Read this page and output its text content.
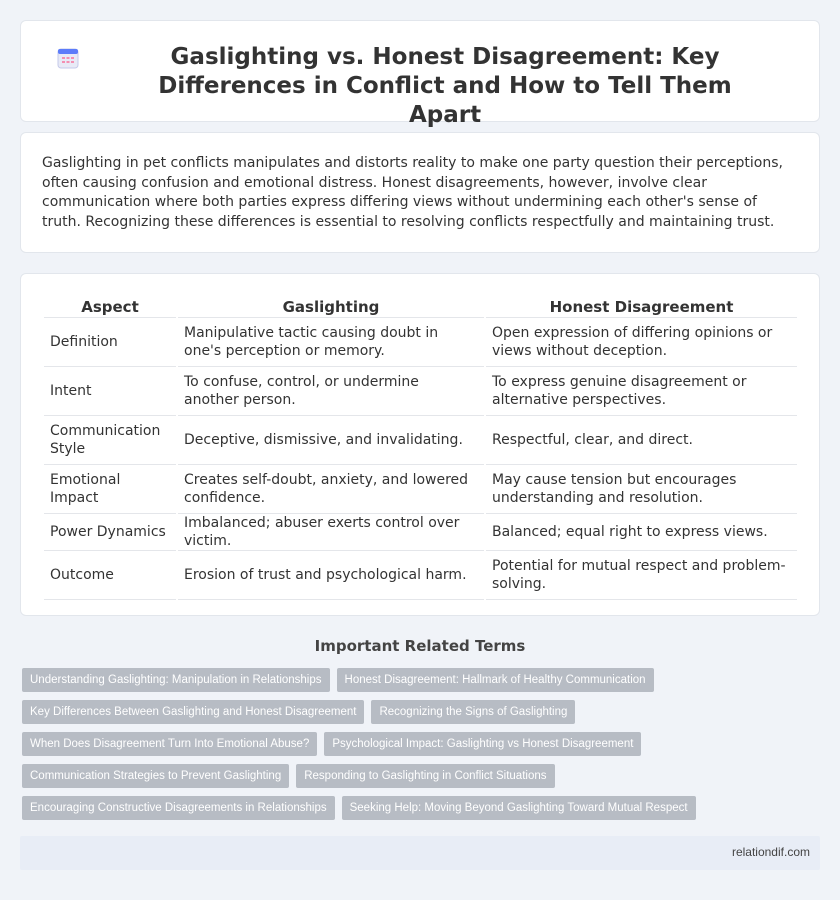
Gaslighting vs. Honest Disagreement: Key Differences in Conflict and How to Tell Them Apart

Gaslighting in pet conflicts manipulates and distorts reality to make one party question their perceptions, often causing confusion and emotional distress. Honest disagreements, however, involve clear communication where both parties express differing views without undermining each other's sense of truth. Recognizing these differences is essential to resolving conflicts respectfully and maintaining trust.

Aspect	Gaslighting	Honest Disagreement
Definition	Manipulative tactic causing doubt in one's perception or memory.	Open expression of differing opinions or views without deception.
Intent	To confuse, control, or undermine another person.	To express genuine disagreement or alternative perspectives.
Communication Style	Deceptive, dismissive, and invalidating.	Respectful, clear, and direct.
Emotional Impact	Creates self-doubt, anxiety, and lowered confidence.	May cause tension but encourages understanding and resolution.
Power Dynamics	Imbalanced; abuser exerts control over victim.	Balanced; equal right to express views.
Outcome	Erosion of trust and psychological harm.	Potential for mutual respect and problem-solving.
Important Related Terms
Understanding Gaslighting: Manipulation in Relationships	Honest Disagreement: Hallmark of Healthy Communication
Key Differences Between Gaslighting and Honest Disagreement	Recognizing the Signs of Gaslighting
When Does Disagreement Turn Into Emotional Abuse?	Psychological Impact: Gaslighting vs Honest Disagreement
Communication Strategies to Prevent Gaslighting	Responding to Gaslighting in Conflict Situations
Encouraging Constructive Disagreements in Relationships	Seeking Help: Moving Beyond Gaslighting Toward Mutual Respect
relationdif.com
